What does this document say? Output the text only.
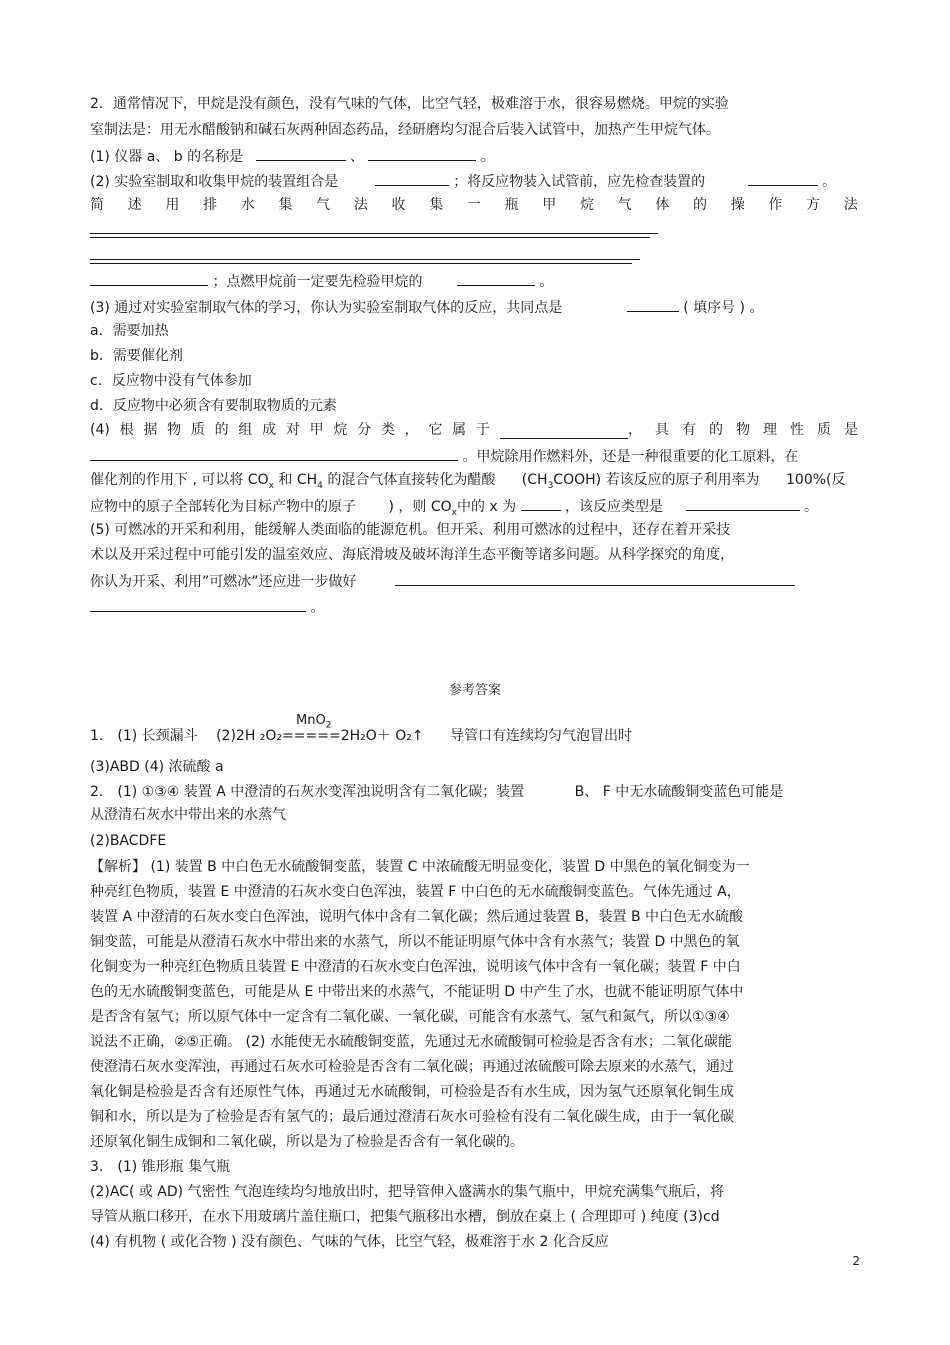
2．通常情况下，甲烷是没有颜色，没有气味的气体，比空气轻，极难溶于水，很容易燃烧。甲烷的实验
室制法是：用无水醋酸钠和碱石灰两种固态药品，经研磨均匀混合后装入试管中，加热产生甲烷气体。
(1) 仪器 a、 b 的名称是	、	。
(2) 实验室制取和收集甲烷的装置组合是	；将反应物装入试管前，应先检查装置的	。
简 述 用 排 水 集 气 法 收 集 一 瓶 甲 烷 气 体 的 操 作 方 法
；点燃甲烷前一定要先检验甲烷的	。
(3) 通过对实验室制取气体的学习，你认为实验室制取气体的反应，共同点是	( 填序号 ) 。
a．需要加热
b．需要催化剂
c．反应物中没有气体参加
d．反应物中必须含有要制取物质的元素
(4) 根 据 物 质 的 组 成 对 甲 烷 分 类 ， 它 属 于	， 具 有 的 物 理 性 质 是
。甲烷除用作燃料外，还是一种很重要的化工原料，在
催化剂的作用下 , 可以将 $CO_x$ 和 $CH_4$ 的混合气体直接转化为醋酸 $(CH_3COOH)$ 若该反应的原子利用率为 100%(反
应物中的原子全部转化为目标产物中的原子 ) ，则 $CO_x$中的 x 为	，该反应类型是	。
(5) 可燃冰的开采和利用，能缓解人类面临的能源危机。但开采、利用可燃冰的过程中，还存在着开采技
术以及开采过程中可能引发的温室效应、海底滑坡及破坏海洋生态平衡等诸多问题。从科学探究的角度，
你认为开采、利用”可燃冰”还应进一步做好
。
参考答案
MnO$_2$
1． (1) 长颈漏斗 (2)2H ₂O₂=====2H₂O＋ O₂↑ 导管口有连续均匀气泡冒出时
(3)ABD (4) 浓硫酸 a
2． (1) ①③④ 装置 A 中澄清的石灰水变浑浊说明含有二氧化碳；装置	B、 F 中无水硫酸铜变蓝色可能是
从澄清石灰水中带出来的水蒸气
(2)BACDFE
【解析】 (1) 装置 B 中白色无水硫酸铜变蓝，装置 C 中浓硫酸无明显变化，装置 D 中黑色的氧化铜变为一
种亮红色物质，装置 E 中澄清的石灰水变白色浑浊，装置 F 中白色的无水硫酸铜变蓝色。气体先通过 A，
装置 A 中澄清的石灰水变白色浑浊，说明气体中含有二氧化碳；然后通过装置 B，装置 B 中白色无水硫酸
铜变蓝，可能是从澄清石灰水中带出来的水蒸气，所以不能证明原气体中含有水蒸气；装置 D 中黑色的氧
化铜变为一种亮红色物质且装置 E 中澄清的石灰水变白色浑浊，说明该气体中含有一氧化碳；装置 F 中白
色的无水硫酸铜变蓝色，可能是从 E 中带出来的水蒸气，不能证明 D 中产生了水，也就不能证明原气体中
是否含有氢气；所以原气体中一定含有二氧化碳、一氧化碳，可能含有水蒸气、氢气和氮气，所以①③④
说法不正确，②⑤正确。 (2) 水能使无水硫酸铜变蓝，先通过无水硫酸铜可检验是否含有水；二氧化碳能
使澄清石灰水变浑浊，再通过石灰水可检验是否含有二氧化碳；再通过浓硫酸可除去原来的水蒸气，通过
氧化铜是检验是否含有还原性气体，再通过无水硫酸铜，可检验是否有水生成，因为氢气还原氧化铜生成
铜和水，所以是为了检验是否有氢气的；最后通过澄清石灰水可验检有没有二氧化碳生成，由于一氧化碳
还原氧化铜生成铜和二氧化碳，所以是为了检验是否含有一氧化碳的。
3． (1) 锥形瓶 集气瓶
(2)AC( 或 AD) 气密性 气泡连续均匀地放出时，把导管伸入盛满水的集气瓶中，甲烷充满集气瓶后，将
导管从瓶口移开，在水下用玻璃片盖住瓶口，把集气瓶移出水槽，倒放在桌上 ( 合理即可 ) 纯度 (3)cd
(4) 有机物 ( 或化合物 ) 没有颜色、气味的气体，比空气轻，极难溶于水 2 化合反应
2
